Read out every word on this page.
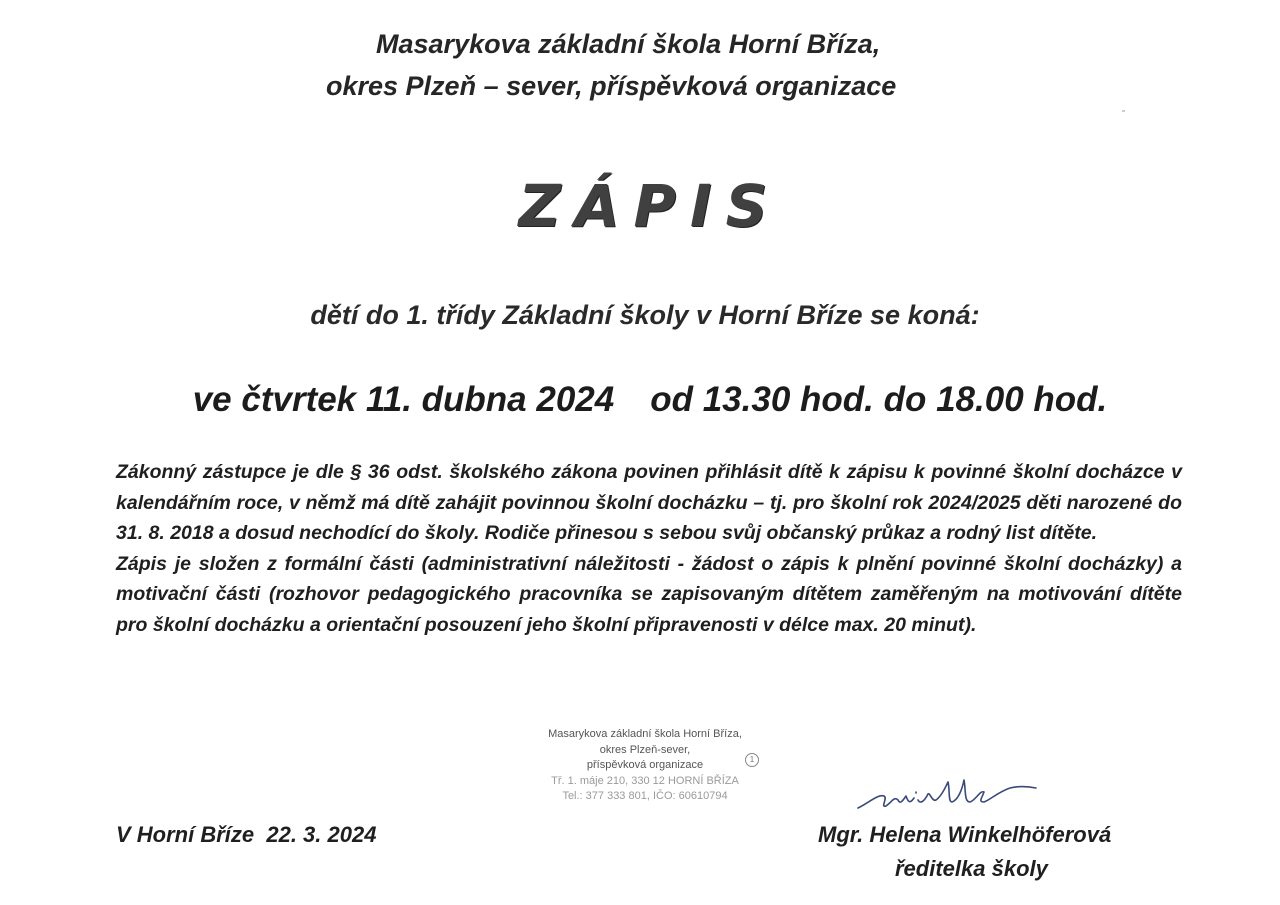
Masarykova základní škola Horní Bříza,
okres Plzeň – sever, příspěvková organizace
ZÁPIS
dětí do 1. třídy Základní školy v Horní Bříze se koná:
ve čtvrtek 11. dubna 2024 od 13.30 hod. do 18.00 hod.

Zákonný zástupce je dle § 36 odst. školského zákona povinen přihlásit dítě k zápisu k povinné školní docházce v kalendářním roce, v němž má dítě zahájit povinnou školní docházku – tj. pro školní rok 2024/2025 děti narozené do 31. 8. 2018 a dosud nechodící do školy. Rodiče přinesou s sebou svůj občanský průkaz a rodný list dítěte.

Zápis je složen z formální části (administrativní náležitosti - žádost o zápis k plnění povinné školní docházky) a motivační části (rozhovor pedagogického pracovníka se zapisovaným dítětem zaměřeným na motivování dítěte pro školní docházku a orientační posouzení jeho školní připravenosti v délce max. 20 minut).

Masarykova základní škola Horní Bříza,
okres Plzeň-sever,
příspěvková organizace
Tř. 1. máje 210, 330 12 HORNÍ BŘÍZA
Tel.: 377 333 801, IČO: 60610794
1
V Horní Bříze  22. 3. 2024	Mgr. Helena Winkelhöferová
ředitelka školy
